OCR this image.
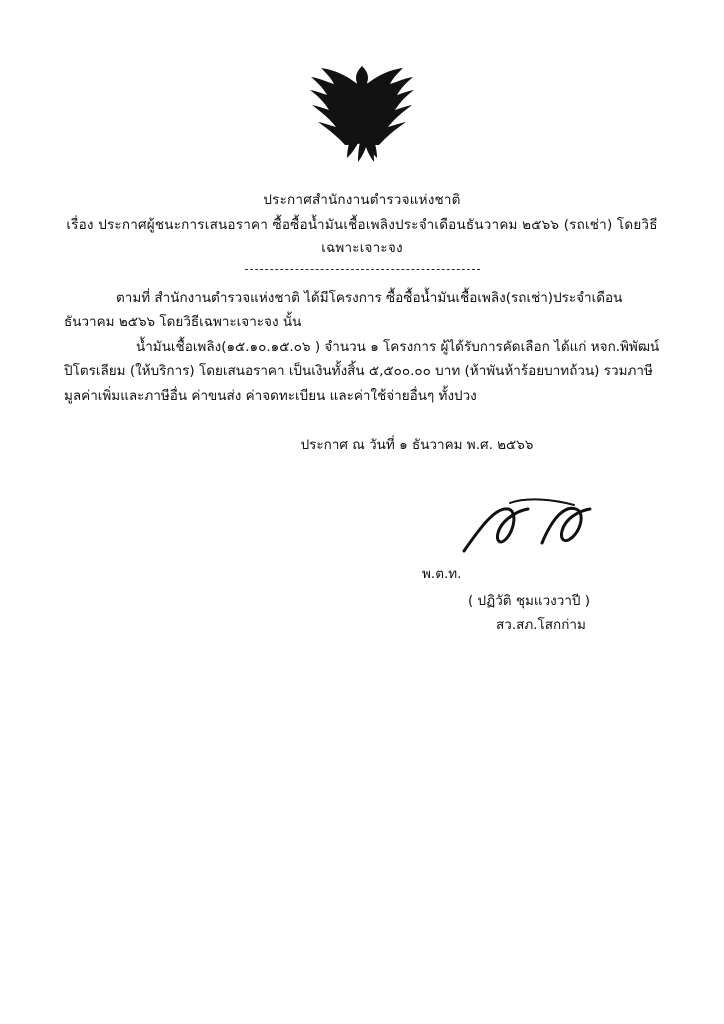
ประกาศสำนักงานตำรวจแห่งชาติ
เรื่อง ประกาศผู้ชนะการเสนอราคา ซื้อซื้อน้ำมันเชื้อเพลิงประจำเดือนธันวาคม ๒๕๖๖ (รถเช่า) โดยวิธี
เฉพาะเจาะจง

ตามที่ สำนักงานตำรวจแห่งชาติ ได้มีโครงการ ซื้อซื้อน้ำมันเชื้อเพลิง(รถเช่า)ประจำเดือนธันวาคม ๒๕๖๖ โดยวิธีเฉพาะเจาะจง นั้น

น้ำมันเชื้อเพลิง(๑๕.๑๐.๑๕.๐๖ ) จำนวน ๑ โครงการ ผู้ได้รับการคัดเลือก ได้แก่ หจก.พิพัฒน์ปิโตรเลียม (ให้บริการ) โดยเสนอราคา เป็นเงินทั้งสิ้น ๕,๕๐๐.๐๐ บาท (ห้าพันห้าร้อยบาทถ้วน) รวมภาษีมูลค่าเพิ่มและภาษีอื่น ค่าขนส่ง ค่าจดทะเบียน และค่าใช้จ่ายอื่นๆ ทั้งปวง

ประกาศ ณ วันที่ ๑ ธันวาคม พ.ศ. ๒๕๖๖
พ.ต.ท.
( ปฏิวัติ ชุมแวงวาปี )
สว.สภ.โสกก่าม
